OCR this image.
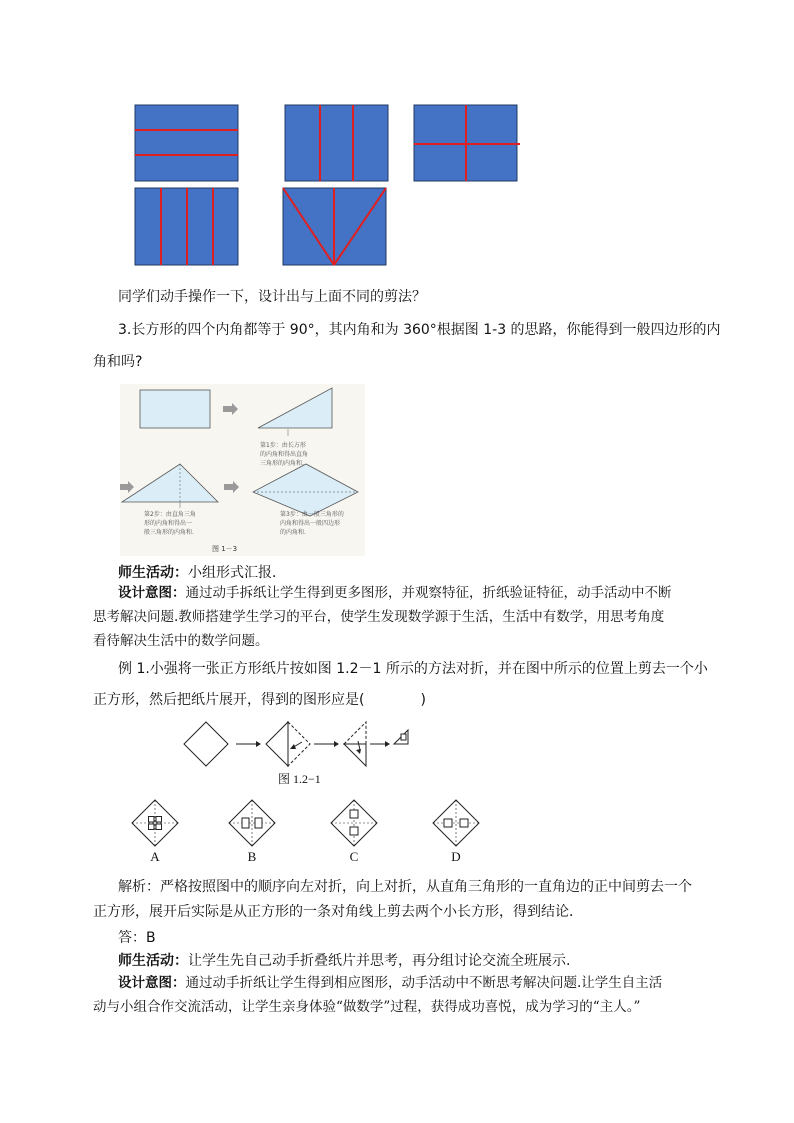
同学们动手操作一下，设计出与上面不同的剪法？
3.长方形的四个内角都等于 90°，其内角和为 360°根据图 1-3 的思路，你能得到一般四边形的内
角和吗?
第1步：由长方形
的内角和得出直角
三角形的内角和.
第2步：由直角三角
形的内角和得出一
般三角形的内角和.
第3步：由一般三角形的
内角和得出一般四边形
的内角和.
图 1－3
师生活动：小组形式汇报．
设计意图：通过动手拆纸让学生得到更多图形，并观察特征，折纸验证特征，动手活动中不断
思考解决问题.教师搭建学生学习的平台，使学生发现数学源于生活，生活中有数学，用思考角度
看待解决生活中的数学问题。
例 1.小强将一张正方形纸片按如图 1.2－1 所示的方法对折，并在图中所示的位置上剪去一个小
正方形，然后把纸片展开，得到的图形应是(　　　　)
图 1.2−1
A	B	C	D
解析：严格按照图中的顺序向左对折，向上对折，从直角三角形的一直角边的正中间剪去一个
正方形，展开后实际是从正方形的一条对角线上剪去两个小长方形，得到结论．
答：B
师生活动：让学生先自己动手折叠纸片并思考，再分组讨论交流全班展示.
设计意图：通过动手折纸让学生得到相应图形，动手活动中不断思考解决问题.让学生自主活
动与小组合作交流活动，让学生亲身体验“做数学”过程，获得成功喜悦，成为学习的“主人。”
